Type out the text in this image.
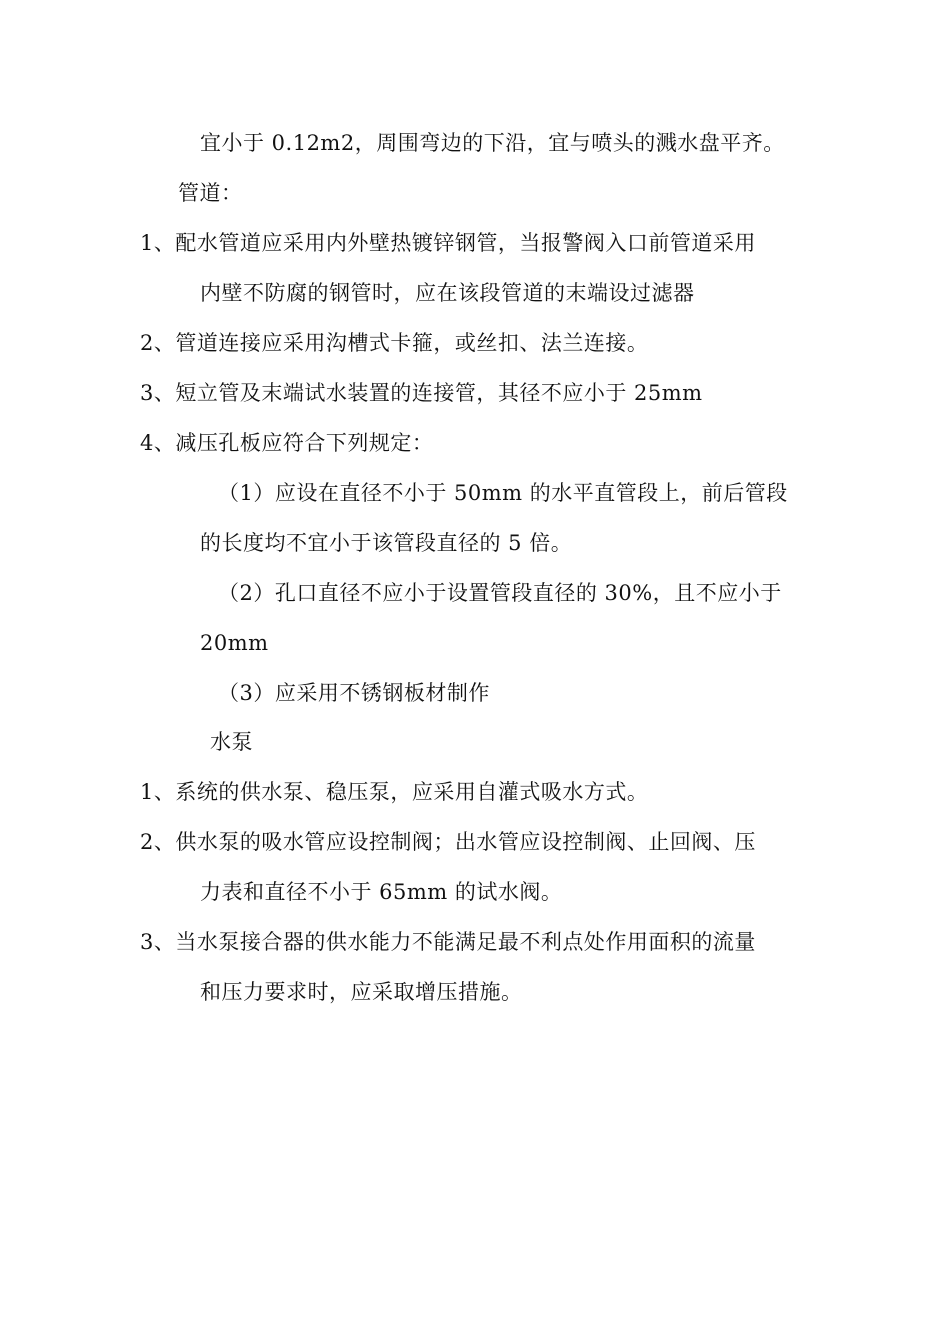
宜小于 0.12m2，周围弯边的下沿，宜与喷头的溅水盘平齐。
管道：
1、配水管道应采用内外壁热镀锌钢管，当报警阀入口前管道采用
内壁不防腐的钢管时，应在该段管道的末端设过滤器
2、管道连接应采用沟槽式卡箍，或丝扣、法兰连接。
3、短立管及末端试水装置的连接管，其径不应小于 25mm
4、减压孔板应符合下列规定：
（1）应设在直径不小于 50mm 的水平直管段上，前后管段
的长度均不宜小于该管段直径的 5 倍。
（2）孔口直径不应小于设置管段直径的 30%，且不应小于
20mm
（3）应采用不锈钢板材制作
水泵
1、系统的供水泵、稳压泵，应采用自灌式吸水方式。
2、供水泵的吸水管应设控制阀；出水管应设控制阀、止回阀、压
力表和直径不小于 65mm 的试水阀。
3、当水泵接合器的供水能力不能满足最不利点处作用面积的流量
和压力要求时，应采取增压措施。
